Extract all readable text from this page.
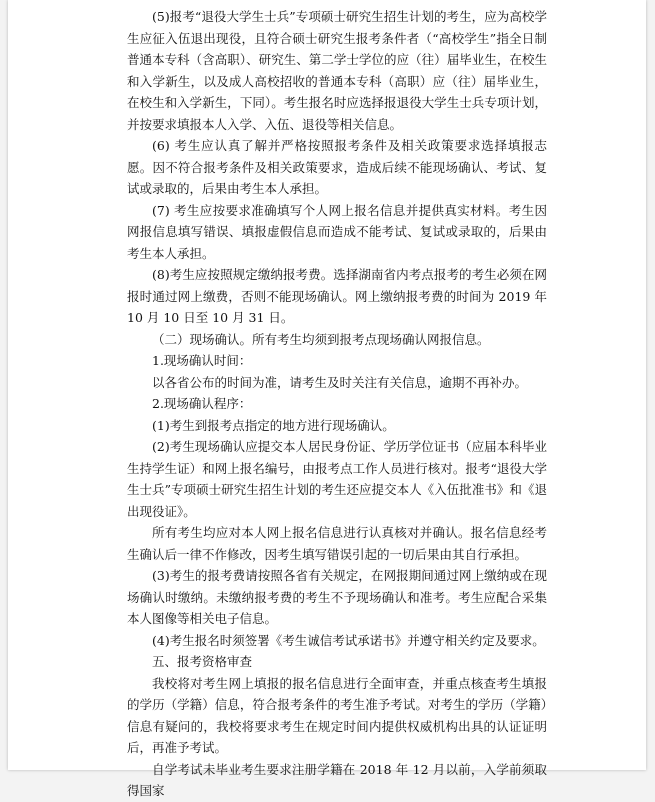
(5)报考“退役大学生士兵”专项硕士研究生招生计划的考生，应为高校学生应征入伍退出现役，且符合硕士研究生报考条件者（“高校学生”指全日制普通本专科（含高职）、研究生、第二学士学位的应（往）届毕业生，在校生和入学新生，以及成人高校招收的普通本专科（高职）应（往）届毕业生，在校生和入学新生，下同）。考生报名时应选择报退役大学生士兵专项计划，并按要求填报本人入学、入伍、退役等相关信息。

(6) 考生应认真了解并严格按照报考条件及相关政策要求选择填报志愿。因不符合报考条件及相关政策要求，造成后续不能现场确认、考试、复试或录取的，后果由考生本人承担。

(7) 考生应按要求准确填写个人网上报名信息并提供真实材料。考生因网报信息填写错误、填报虚假信息而造成不能考试、复试或录取的，后果由考生本人承担。

(8)考生应按照规定缴纳报考费。选择湖南省内考点报考的考生必须在网报时通过网上缴费，否则不能现场确认。网上缴纳报考费的时间为 2019 年 10 月 10 日至 10 月 31 日。

（二）现场确认。所有考生均须到报考点现场确认网报信息。

1.现场确认时间：

以各省公布的时间为准，请考生及时关注有关信息，逾期不再补办。

2.现场确认程序：

(1)考生到报考点指定的地方进行现场确认。

(2)考生现场确认应提交本人居民身份证、学历学位证书（应届本科毕业生持学生证）和网上报名编号，由报考点工作人员进行核对。报考“退役大学生士兵”专项硕士研究生招生计划的考生还应提交本人《入伍批准书》和《退出现役证》。

所有考生均应对本人网上报名信息进行认真核对并确认。报名信息经考生确认后一律不作修改，因考生填写错误引起的一切后果由其自行承担。

(3)考生的报考费请按照各省有关规定，在网报期间通过网上缴纳或在现场确认时缴纳。未缴纳报考费的考生不予现场确认和准考。考生应配合采集本人图像等相关电子信息。

(4)考生报名时须签署《考生诚信考试承诺书》并遵守相关约定及要求。

五、报考资格审查

我校将对考生网上填报的报名信息进行全面审查，并重点核查考生填报的学历（学籍）信息，符合报考条件的考生准予考试。对考生的学历（学籍）信息有疑问的，我校将要求考生在规定时间内提供权威机构出具的认证证明后，再准予考试。

自学考试未毕业考生要求注册学籍在 2018 年 12 月以前，入学前须取得国家
